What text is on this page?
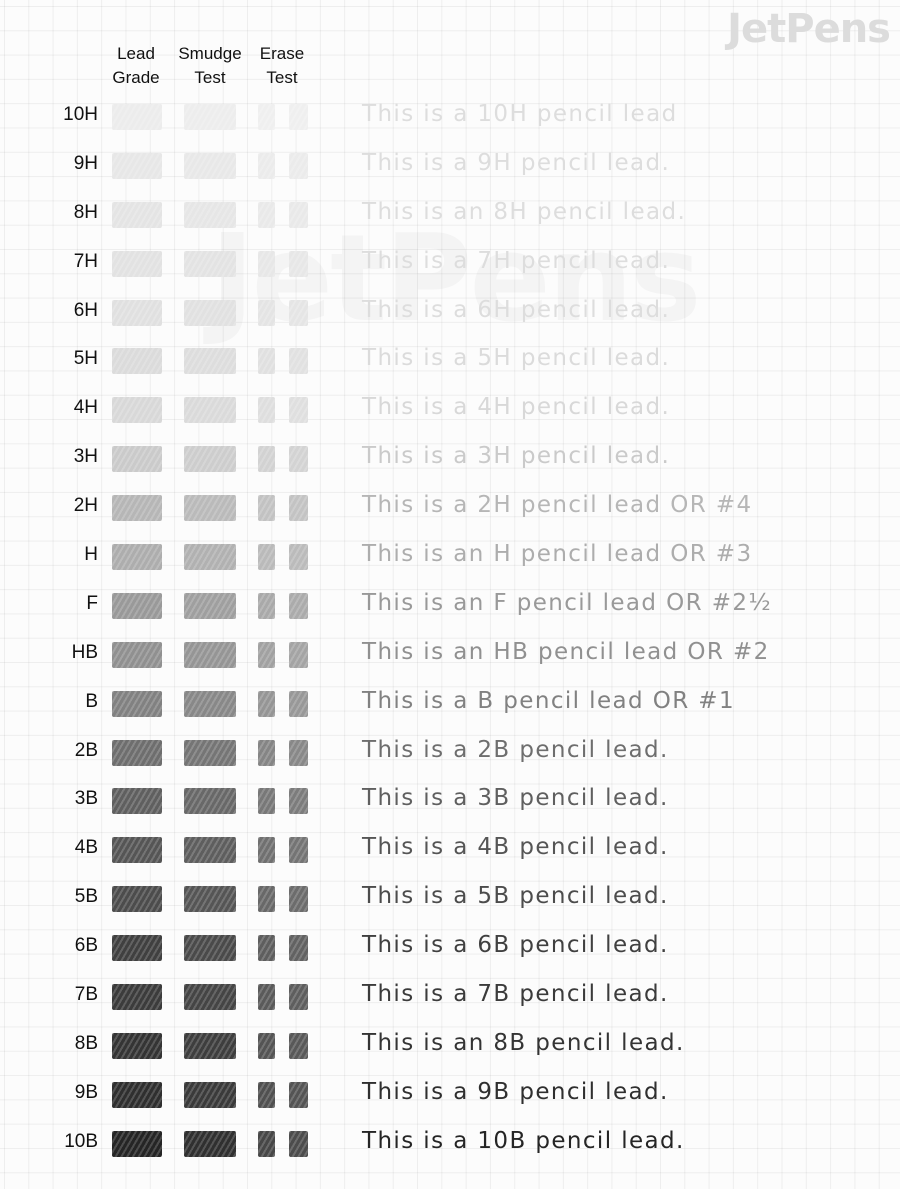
JetPens
Lead
Grade
Smudge
Test
Erase
Test
10H	This is a 10H pencil lead
9H	This is a 9H pencil lead.
8H	This is an 8H pencil lead.
7H	This is a 7H pencil lead.
6H	This is a 6H pencil lead.
5H	This is a 5H pencil lead.
4H	This is a 4H pencil lead.
3H	This is a 3H pencil lead.
2H	This is a 2H pencil lead OR #4
H	This is an H pencil lead OR #3
F	This is an F pencil lead OR #2½
HB	This is an HB pencil lead OR #2
B	This is a B pencil lead OR #1
2B	This is a 2B pencil lead.
3B	This is a 3B pencil lead.
4B	This is a 4B pencil lead.
5B	This is a 5B pencil lead.
6B	This is a 6B pencil lead.
7B	This is a 7B pencil lead.
8B	This is an 8B pencil lead.
9B	This is a 9B pencil lead.
10B	This is a 10B pencil lead.
